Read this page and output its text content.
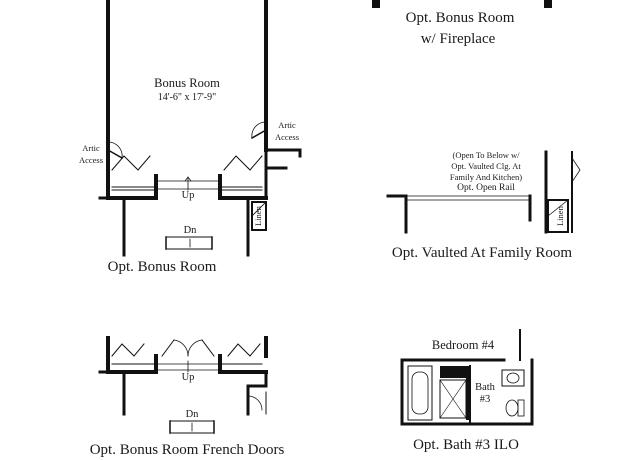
Opt. Bonus Room
w/ Fireplace
Bonus Room
14'-6" x 17'-9"
Artic
Access
Artic
Access
Up
Dn
Linen
Opt. Bonus Room
(Open To Below w/
Opt. Vaulted Clg. At
Family And Kitchen)
Opt. Open Rail
Linen
Opt. Vaulted At Family Room
Up
Dn
Opt. Bonus Room French Doors
Bedroom #4
Bath
#3
Opt. Bath #3 ILO
